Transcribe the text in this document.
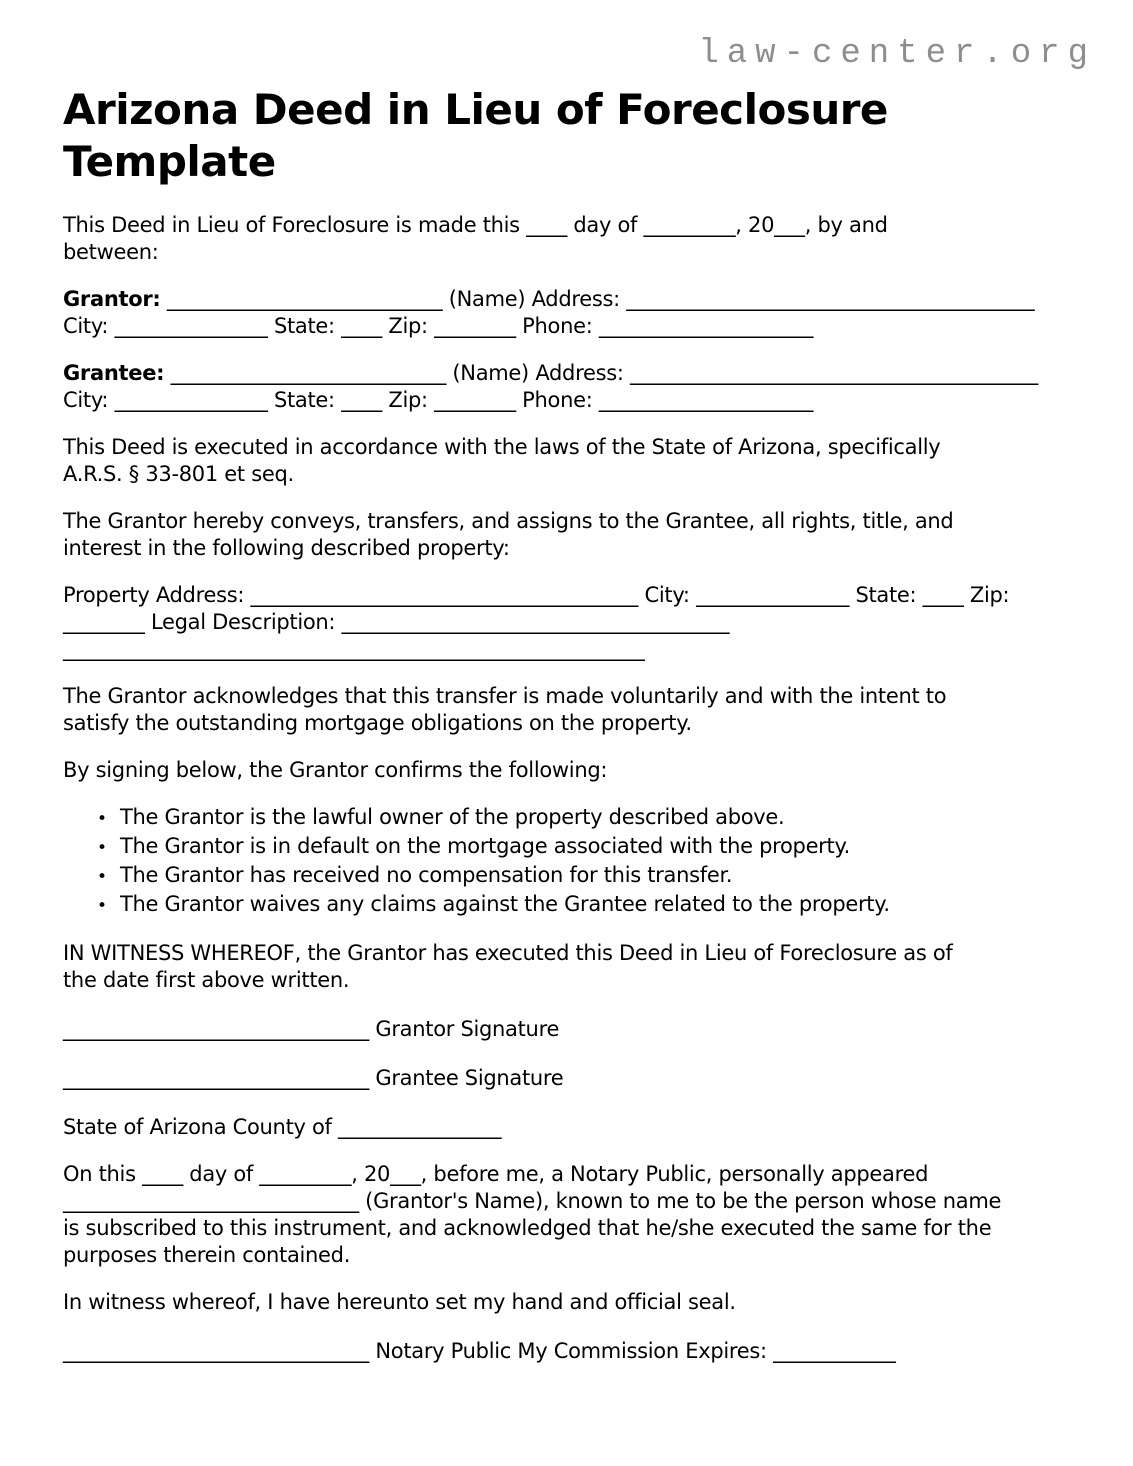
law-center.org
Arizona Deed in Lieu of Foreclosure Template

This Deed in Lieu of Foreclosure is made this ____ day of _________, 20___, by and
between:

Grantor: ___________________________ (Name) Address: ________________________________________
City: _______________ State: ____ Zip: ________ Phone: _____________________

Grantee: ___________________________ (Name) Address: ________________________________________
City: _______________ State: ____ Zip: ________ Phone: _____________________

This Deed is executed in accordance with the laws of the State of Arizona, specifically
A.R.S. § 33-801 et seq.

The Grantor hereby conveys, transfers, and assigns to the Grantee, all rights, title, and
interest in the following described property:

Property Address: ______________________________________ City: _______________ State: ____ Zip:
________ Legal Description: ______________________________________
_________________________________________________________

The Grantor acknowledges that this transfer is made voluntarily and with the intent to
satisfy the outstanding mortgage obligations on the property.

By signing below, the Grantor confirms the following:

• The Grantor is the lawful owner of the property described above.
• The Grantor is in default on the mortgage associated with the property.
• The Grantor has received no compensation for this transfer.
• The Grantor waives any claims against the Grantee related to the property.

IN WITNESS WHEREOF, the Grantor has executed this Deed in Lieu of Foreclosure as of
the date first above written.

______________________________ Grantor Signature

______________________________ Grantee Signature

State of Arizona County of ________________

On this ____ day of _________, 20___, before me, a Notary Public, personally appeared
_____________________________ (Grantor's Name), known to me to be the person whose name
is subscribed to this instrument, and acknowledged that he/she executed the same for the
purposes therein contained.

In witness whereof, I have hereunto set my hand and official seal.

______________________________ Notary Public My Commission Expires: ____________
